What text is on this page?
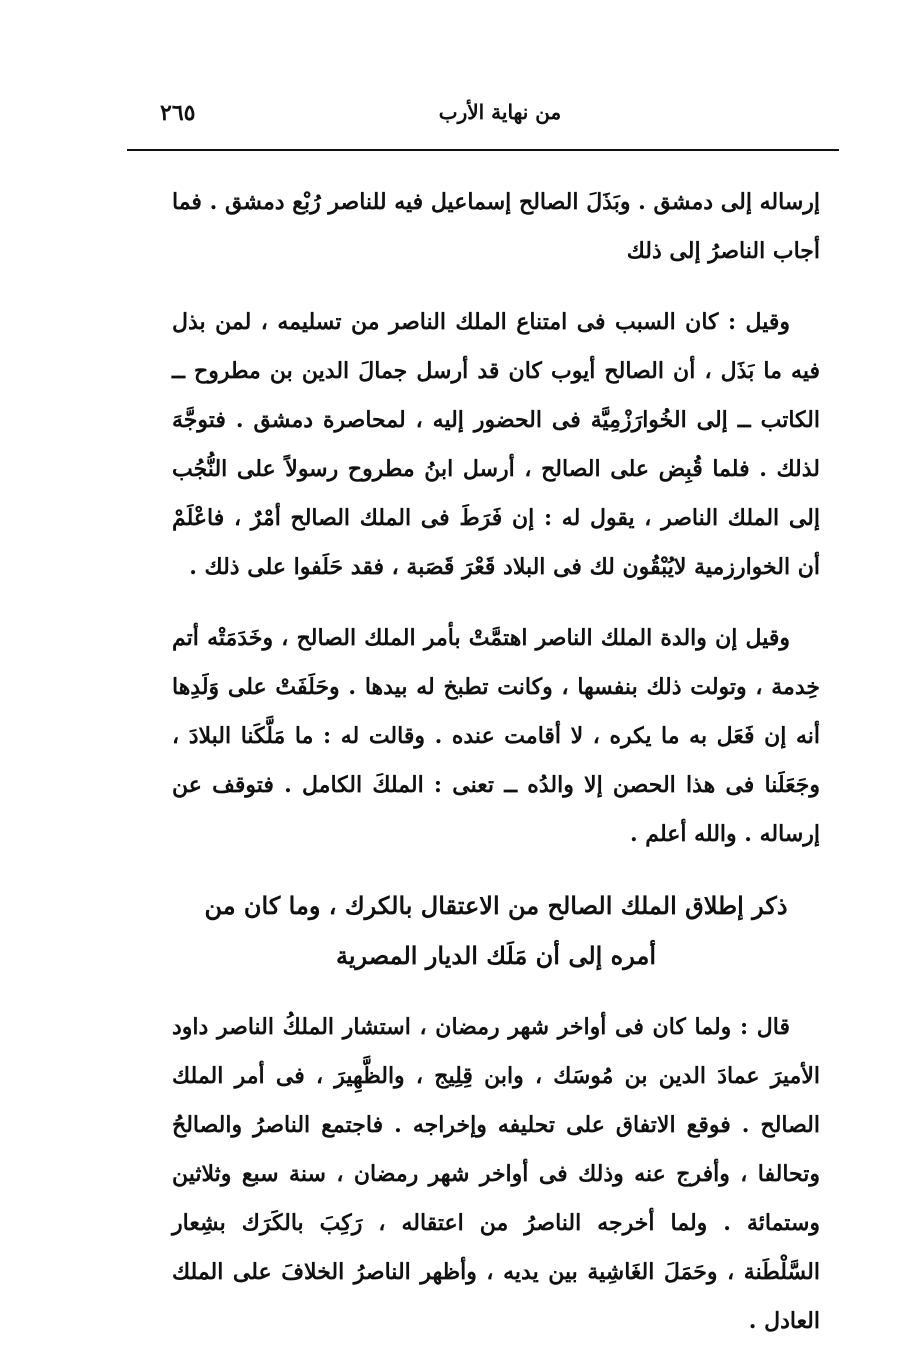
من نهاية الأرب
٢٦٥

إرساله إلى دمشق . وبَذَلَ الصالح إسماعيل فيه للناصر رُبْع دمشق . فما أجاب الناصرُ إلى ذلك

وقيل : كان السبب فى امتناع الملك الناصر من تسليمه ، لمن بذل فيه ما بَذَل ، أن الصالح أيوب كان قد أرسل جمالَ الدين بن مطروح ــ الكاتب ــ إلى الخُوارَزْمِيَّة فى الحضور إليه ، لمحاصرة دمشق . فتوجَّهَ لذلك . فلما قُبِض على الصالح ، أرسل ابنُ مطروح رسولاً على النُّجُب إلى الملك الناصر ، يقول له : إن فَرَطَ فى الملك الصالح أمْرٌ ، فاعْلَمْ أن الخوارزمية لايُبْقُون لك فى البلاد قَعْرَ قَصَبة ، فقد حَلَفوا على ذلك .

وقيل إن والدة الملك الناصر اهتمَّتْ بأمر الملك الصالح ، وخَدَمَتْه أتم خِدمة ، وتولت ذلك بنفسها ، وكانت تطبخ له بيدها . وحَلَفَتْ على وَلَدِها أنه إن فَعَل به ما يكره ، لا أقامت عنده . وقالت له : ما مَلَّكَنا البلادَ ، وجَعَلَنا فى هذا الحصن إلا والدُه ــ تعنى : الملكَ الكامل . فتوقف عن إرساله . والله أعلم .

ذكر إطلاق الملك الصالح من الاعتقال بالكرك ، وما كان من أمره إلى أن مَلَك الديار المصرية

قال : ولما كان فى أواخر شهر رمضان ، استشار الملكُ الناصر داود الأميرَ عمادَ الدين بن مُوسَك ، وابن قِلِيج ، والظَّهِيرَ ، فى أمر الملك الصالح . فوقع الاتفاق على تحليفه وإخراجه . فاجتمع الناصرُ والصالحُ وتحالفا ، وأفرج عنه وذلك فى أواخر شهر رمضان ، سنة سبع وثلاثين وستمائة . ولما أخرجه الناصرُ من اعتقاله ، رَكِبَ بالكَرَك بشِعار السَّلْطَنة ، وحَمَلَ الغَاشِية بين يديه ، وأظهر الناصرُ الخلافَ على الملك العادل .
